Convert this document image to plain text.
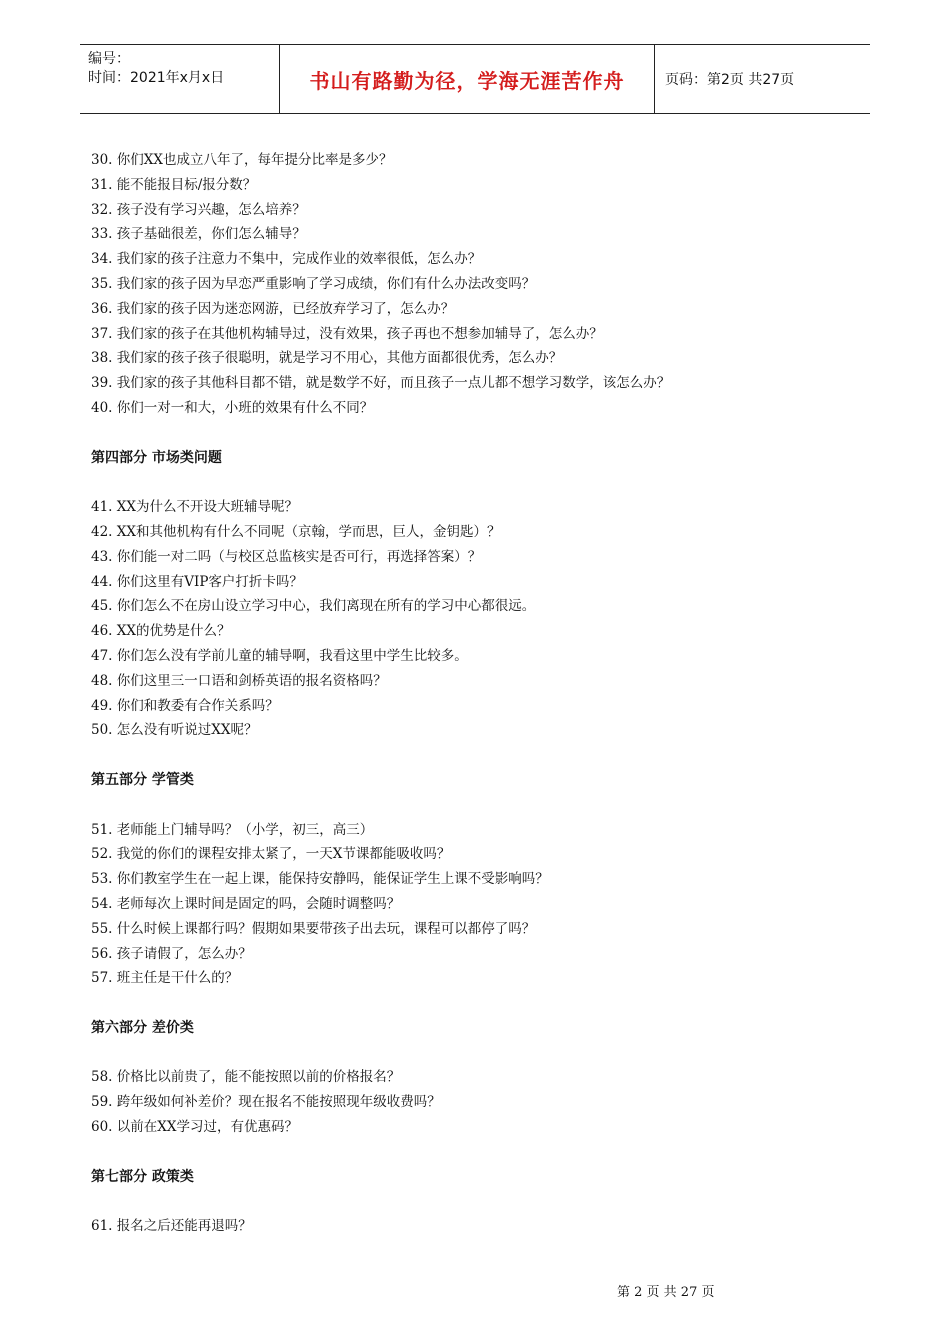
编号：
时间：2021年x月x日	书山有路勤为径，学海无涯苦作舟	页码：第2页 共27页
30. 你们XX也成立八年了，每年提分比率是多少？
31. 能不能报目标/报分数？
32. 孩子没有学习兴趣，怎么培养？
33. 孩子基础很差，你们怎么辅导？
34. 我们家的孩子注意力不集中，完成作业的效率很低，怎么办？
35. 我们家的孩子因为早恋严重影响了学习成绩，你们有什么办法改变吗？
36. 我们家的孩子因为迷恋网游，已经放弃学习了，怎么办？
37. 我们家的孩子在其他机构辅导过，没有效果，孩子再也不想参加辅导了，怎么办？
38. 我们家的孩子孩子很聪明，就是学习不用心，其他方面都很优秀，怎么办？
39. 我们家的孩子其他科目都不错，就是数学不好，而且孩子一点儿都不想学习数学，该怎么办？
40. 你们一对一和大，小班的效果有什么不同？
第四部分 市场类问题
41. XX为什么不开设大班辅导呢？
42. XX和其他机构有什么不同呢（京翰，学而思，巨人，金钥匙）？
43. 你们能一对二吗（与校区总监核实是否可行，再选择答案）？
44. 你们这里有VIP客户打折卡吗？
45. 你们怎么不在房山设立学习中心，我们离现在所有的学习中心都很远。
46. XX的优势是什么？
47. 你们怎么没有学前儿童的辅导啊，我看这里中学生比较多。
48. 你们这里三一口语和剑桥英语的报名资格吗？
49. 你们和教委有合作关系吗？
50. 怎么没有听说过XX呢？
第五部分 学管类
51. 老师能上门辅导吗？（小学，初三，高三）
52. 我觉的你们的课程安排太紧了，一天X节课都能吸收吗？
53. 你们教室学生在一起上课，能保持安静吗，能保证学生上课不受影响吗？
54. 老师每次上课时间是固定的吗，会随时调整吗？
55. 什么时候上课都行吗？假期如果要带孩子出去玩，课程可以都停了吗？
56. 孩子请假了，怎么办？
57. 班主任是干什么的？
第六部分 差价类
58. 价格比以前贵了，能不能按照以前的价格报名？
59. 跨年级如何补差价？现在报名不能按照现年级收费吗？
60. 以前在XX学习过，有优惠码？
第七部分 政策类
61. 报名之后还能再退吗？
第 2 页 共 27 页
